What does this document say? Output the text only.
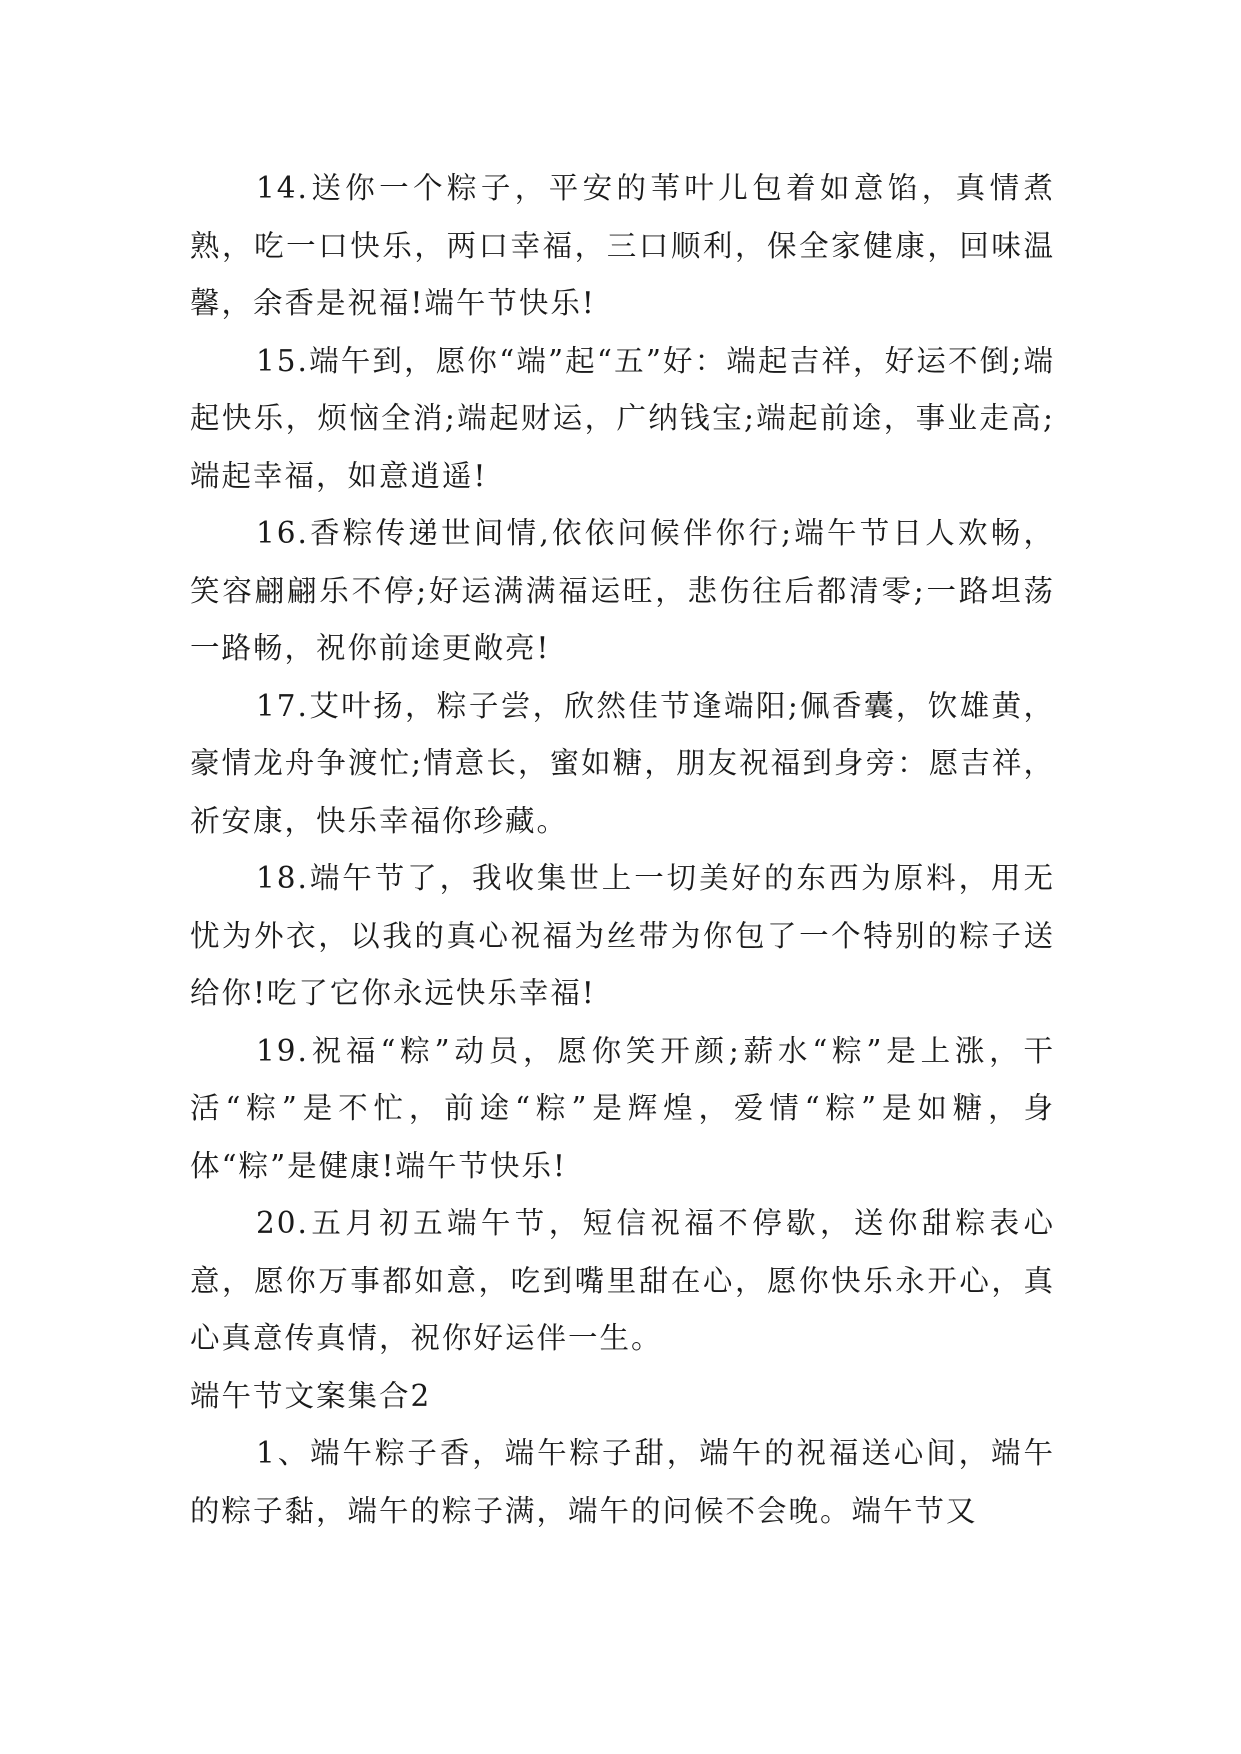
14.送你一个粽子，平安的苇叶儿包着如意馅，真情煮熟，吃一口快乐，两口幸福，三口顺利，保全家健康，回味温馨，余香是祝福!端午节快乐!

15.端午到，愿你“端”起“五”好：端起吉祥，好运不倒;端起快乐，烦恼全消;端起财运，广纳钱宝;端起前途，事业走高;端起幸福，如意逍遥!

16.香粽传递世间情,依依问候伴你行;端午节日人欢畅，笑容翩翩乐不停;好运满满福运旺，悲伤往后都清零;一路坦荡一路畅，祝你前途更敞亮!

17.艾叶扬，粽子尝，欣然佳节逢端阳;佩香囊，饮雄黄，豪情龙舟争渡忙;情意长，蜜如糖，朋友祝福到身旁：愿吉祥，祈安康，快乐幸福你珍藏。

18.端午节了，我收集世上一切美好的东西为原料，用无忧为外衣，以我的真心祝福为丝带为你包了一个特别的粽子送给你!吃了它你永远快乐幸福!

19.祝福“粽”动员，愿你笑开颜;薪水“粽”是上涨，干活“粽”是不忙，前途“粽”是辉煌，爱情“粽”是如糖，身体“粽”是健康!端午节快乐!

20.五月初五端午节，短信祝福不停歇，送你甜粽表心意，愿你万事都如意，吃到嘴里甜在心，愿你快乐永开心，真心真意传真情，祝你好运伴一生。

端午节文案集合2

1、端午粽子香，端午粽子甜，端午的祝福送心间，端午的粽子黏，端午的粽子满，端午的问候不会晚。端午节又
